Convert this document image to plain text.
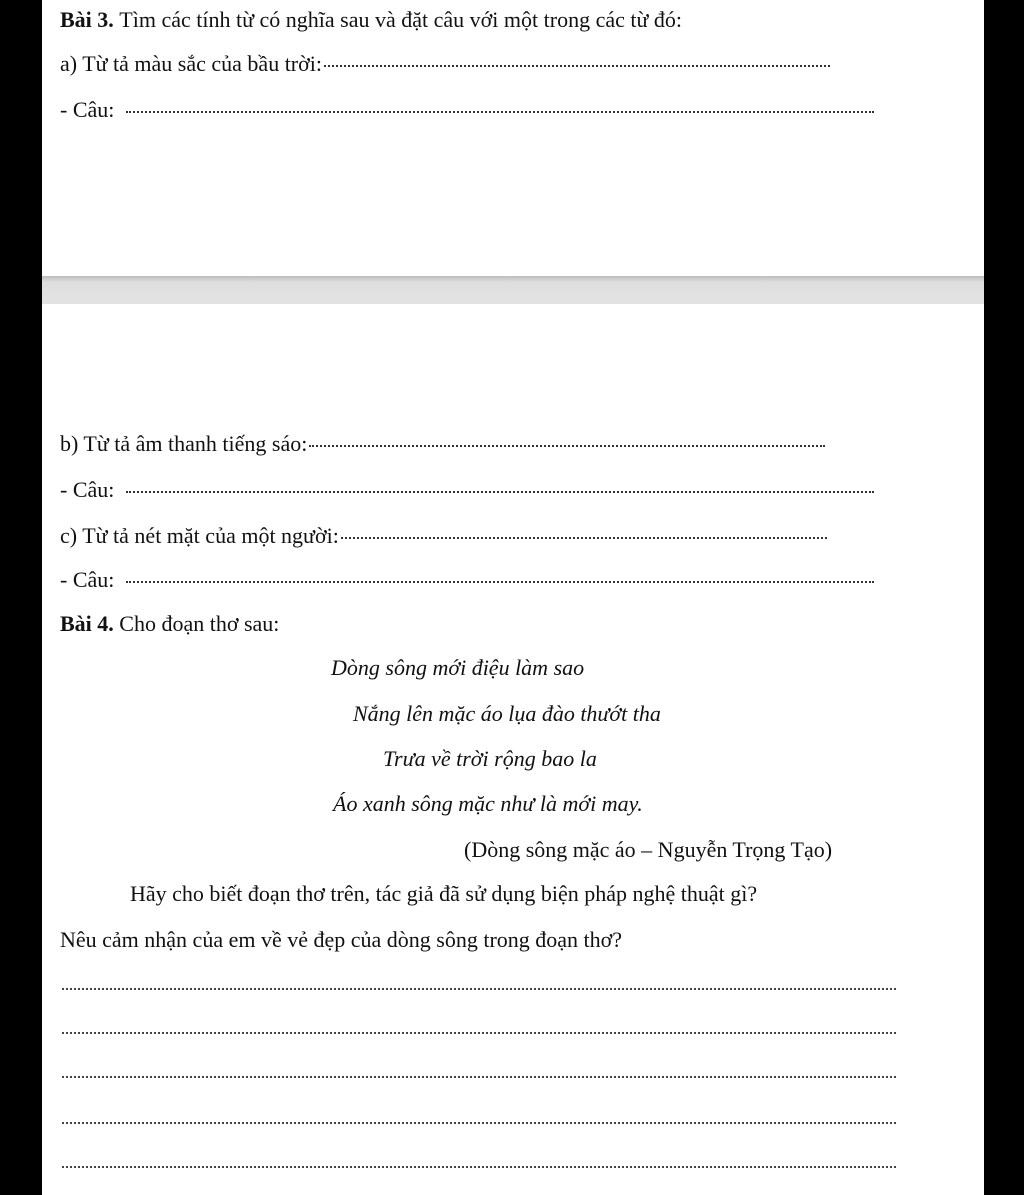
Bài 3.
Tìm các tính từ có nghĩa sau và đặt câu với một trong các từ đó:
a) Từ tả màu sắc của bầu trời:
- Câu:
b) Từ tả âm thanh tiếng sáo:
- Câu:
c) Từ tả nét mặt của một người:
- Câu:
Bài 4.
Cho đoạn thơ sau:
Dòng sông mới điệu làm sao
Nắng lên mặc áo lụa đào thướt tha
Trưa về trời rộng bao la
Áo xanh sông mặc như là mới may.
(Dòng sông mặc áo – Nguyễn Trọng Tạo)
Hãy cho biết đoạn thơ trên, tác giả đã sử dụng biện pháp nghệ thuật gì?
Nêu cảm nhận của em về vẻ đẹp của dòng sông trong đoạn thơ?
